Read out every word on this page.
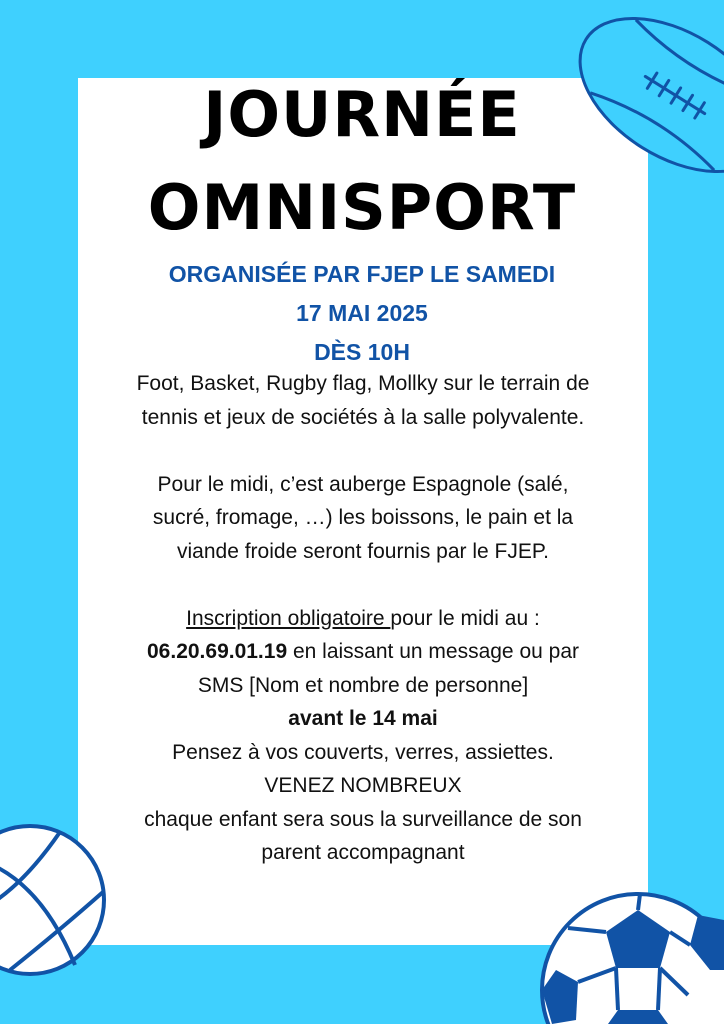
JOURNÉE
OMNISPORT
ORGANISÉE PAR FJEP LE SAMEDI
17 MAI 2025
DÈS 10H

Foot, Basket, Rugby flag, Mollky sur le terrain de

tennis et jeux de sociétés à la salle polyvalente.

Pour le midi, c’est auberge Espagnole (salé,

sucré, fromage, …) les boissons, le pain et la

viande froide seront fournis par le FJEP.

Inscription obligatoire pour le midi au :

06.20.69.01.19 en laissant un message ou par

SMS [Nom et nombre de personne]

avant le 14 mai

Pensez à vos couverts, verres, assiettes.

VENEZ NOMBREUX

chaque enfant sera sous la surveillance de son

parent accompagnant
